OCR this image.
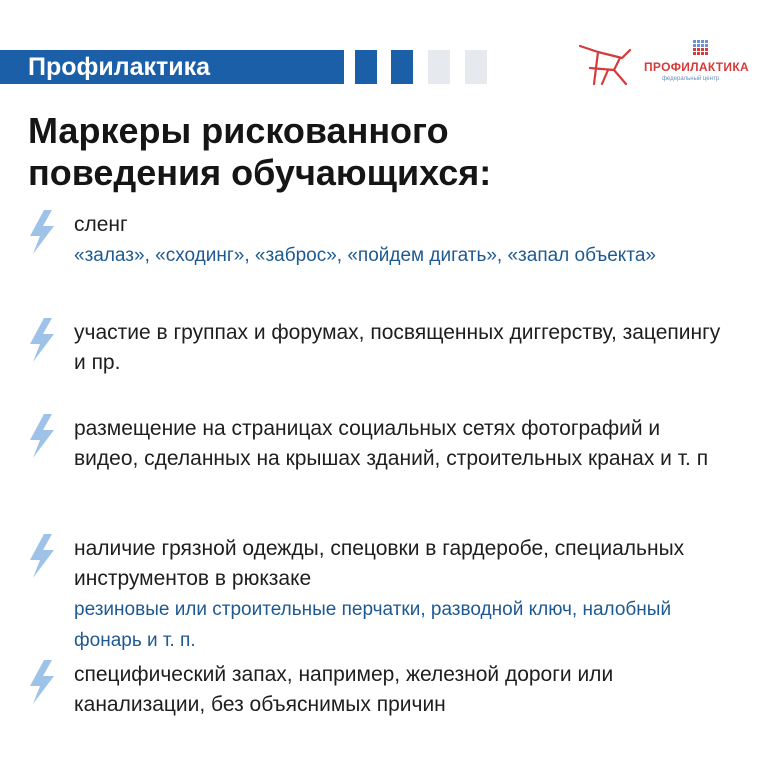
Профилактика	ПРОФИЛАКТИКА
федеральный центр
Маркеры рискованного
поведения обучающихся:
сленг
«залаз», «сходинг», «заброс», «пойдем дигать», «запал объекта»
участие в группах и форумах, посвященных диггерству, зацепингу и пр.
размещение на страницах социальных сетях фотографий и видео, сделанных на крышах зданий, строительных кранах и т. п
наличие грязной одежды, спецовки в гардеробе, специальных инструментов в рюкзаке
резиновые или строительные перчатки, разводной ключ, налобный фонарь и т. п.
специфический запах, например, железной дороги или канализации, без объяснимых причин
